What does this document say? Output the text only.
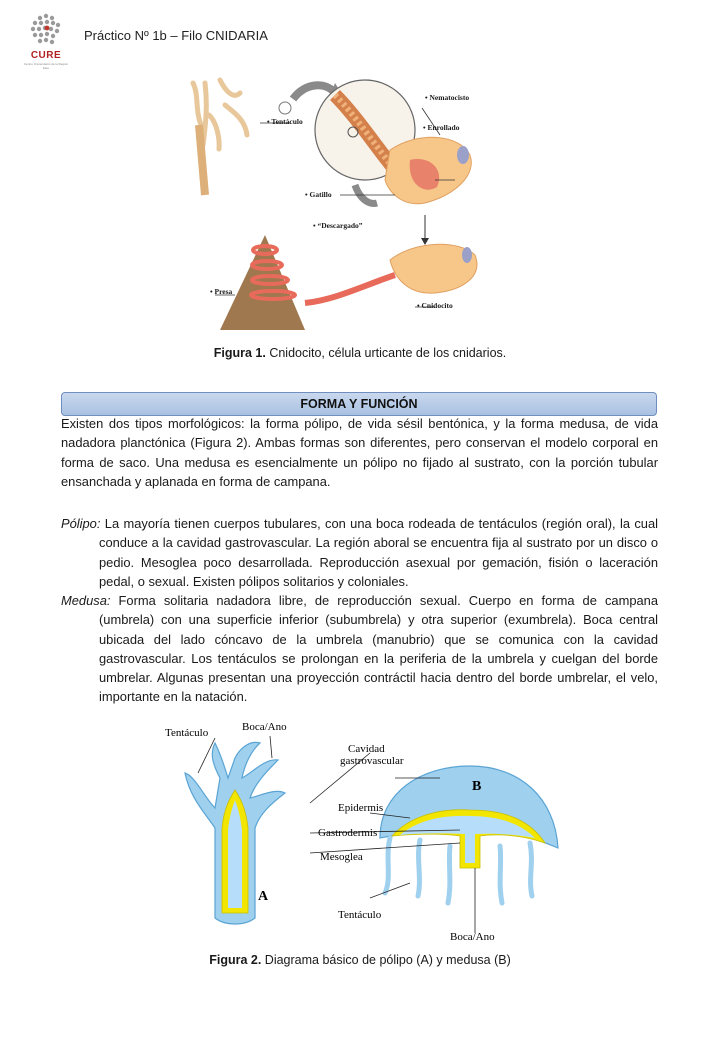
CURE
Centro Universitario de la Región Este
Práctico Nº 1b – Filo CNIDARIA
• Tentáculo
• Nematocisto
• Enrollado
• Gatillo
• “Descargado”
• Presa
• Cnidocito
Figura 1. Cnidocito, célula urticante de los cnidarios.
FORMA Y FUNCIÓN
Existen dos tipos morfológicos: la forma pólipo, de vida sésil bentónica, y la forma medusa, de vida nadadora planctónica (Figura 2). Ambas formas son diferentes, pero conservan el modelo corporal en forma de saco. Una medusa es esencialmente un pólipo no fijado al sustrato, con la porción tubular ensanchada y aplanada en forma de campana.
Pólipo: La mayoría tienen cuerpos tubulares, con una boca rodeada de tentáculos (región oral), la cual conduce a la cavidad gastrovascular. La región aboral se encuentra fija al sustrato por un disco o pedio. Mesoglea poco desarrollada. Reproducción asexual por gemación, fisión o laceración pedal, o sexual. Existen pólipos solitarios y coloniales.
Medusa: Forma solitaria nadadora libre, de reproducción sexual. Cuerpo en forma de campana (umbrela) con una superficie inferior (subumbrela) y otra superior (exumbrela). Boca central ubicada del lado cóncavo de la umbrela (manubrio) que se comunica con la cavidad gastrovascular. Los tentáculos se prolongan en la periferia de la umbrela y cuelgan del borde umbrelar. Algunas presentan una proyección contráctil hacia dentro del borde umbrelar, el velo, importante en la natación.
Tentáculo	Boca/Ano
Cavidad
gastrovascular
Epidermis
Gastrodermis
Mesoglea
Tentáculo
Boca/Ano
A
B
Figura 2. Diagrama básico de pólipo (A) y medusa (B)
